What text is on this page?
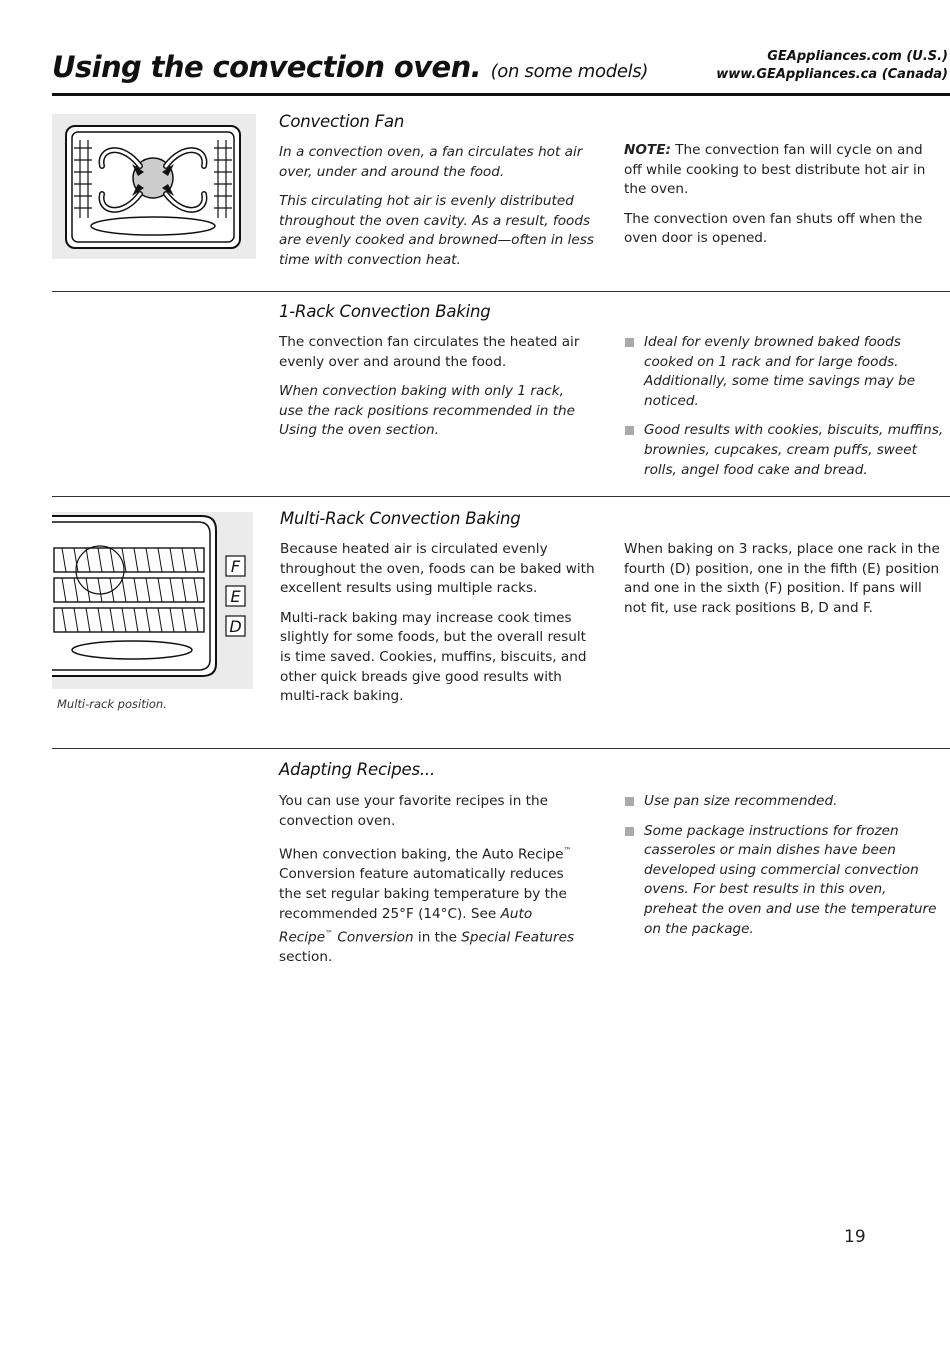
Using the convection oven. (on some models)
GEAppliances.com (U.S.)
www.GEAppliances.ca (Canada)
Convection Fan

In a convection oven, a fan circulates hot air over, under and around the food.

This circulating hot air is evenly distributed throughout the oven cavity. As a result, foods are evenly cooked and browned—often in less time with convection heat.

NOTE: The convection fan will cycle on and off while cooking to best distribute hot air in the oven.

The convection oven fan shuts off when the oven door is opened.

1-Rack Convection Baking

The convection fan circulates the heated air evenly over and around the food.

When convection baking with only 1 rack, use the rack positions recommended in the Using the oven section.

Ideal for evenly browned baked foods cooked on 1 rack and for large foods. Additionally, some time savings may be noticed.
Good results with cookies, biscuits, muffins, brownies, cupcakes, cream puffs, sweet rolls, angel food cake and bread.
F
E
D
Multi-rack position.
Multi-Rack Convection Baking

Because heated air is circulated evenly throughout the oven, foods can be baked with excellent results using multiple racks.

Multi-rack baking may increase cook times slightly for some foods, but the overall result is time saved. Cookies, muffins, biscuits, and other quick breads give good results with multi-rack baking.

When baking on 3 racks, place one rack in the fourth (D) position, one in the fifth (E) position and one in the sixth (F) position. If pans will not fit, use rack positions B, D and F.

Adapting Recipes...

You can use your favorite recipes in the convection oven.

When convection baking, the Auto Recipe™ Conversion feature automatically reduces the set regular baking temperature by the recommended 25°F (14°C). See Auto Recipe™ Conversion in the Special Features section.

Use pan size recommended.
Some package instructions for frozen casseroles or main dishes have been developed using commercial convection ovens. For best results in this oven, preheat the oven and use the temperature on the package.
19
